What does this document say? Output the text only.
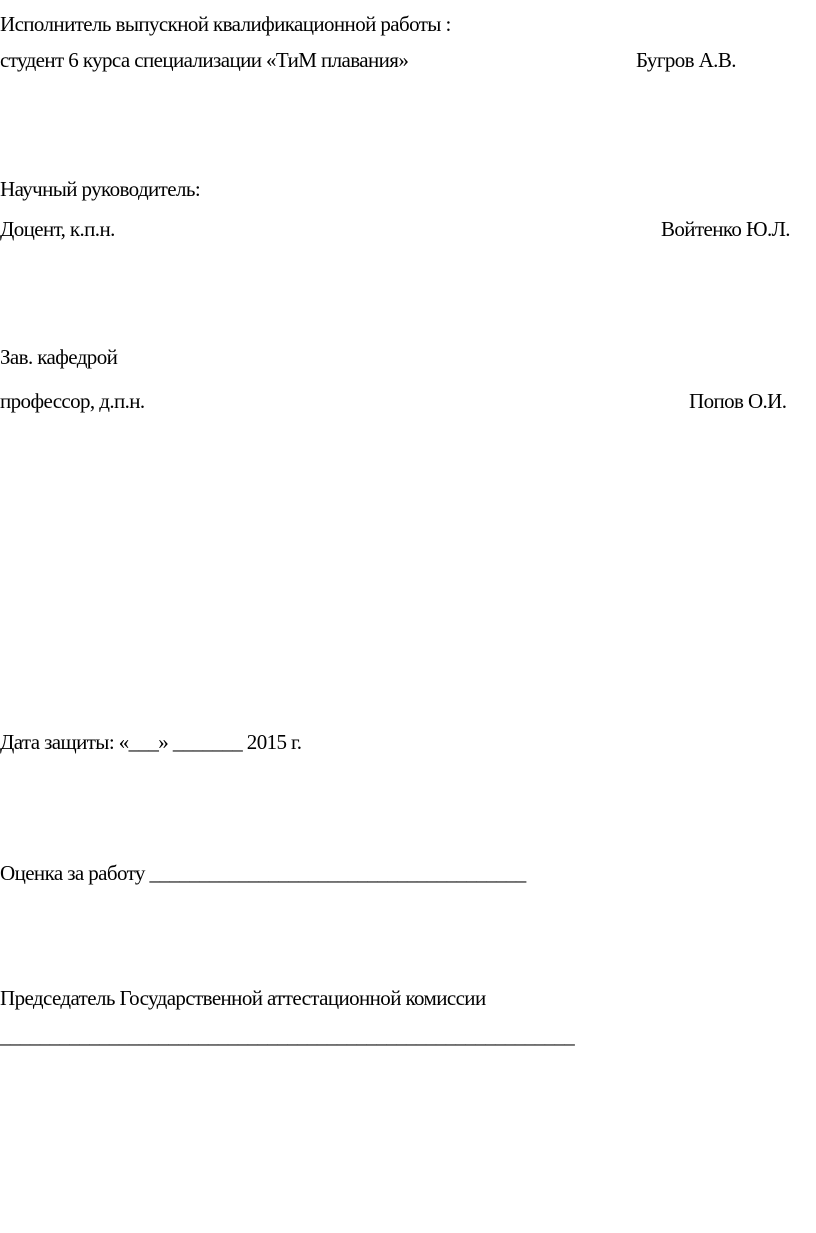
Исполнитель выпускной квалификационной работы :
студент 6 курса специализации «ТиМ плавания»	Бугров А.В.
Научный руководитель:
Доцент, к.п.н.	Войтенко Ю.Л.
Зав. кафедрой
профессор, д.п.н.	Попов О.И.
Дата защиты: «___» _______ 2015 г.
Оценка за работу ______________________________________
Председатель Государственной аттестационной комиссии
__________________________________________________________
